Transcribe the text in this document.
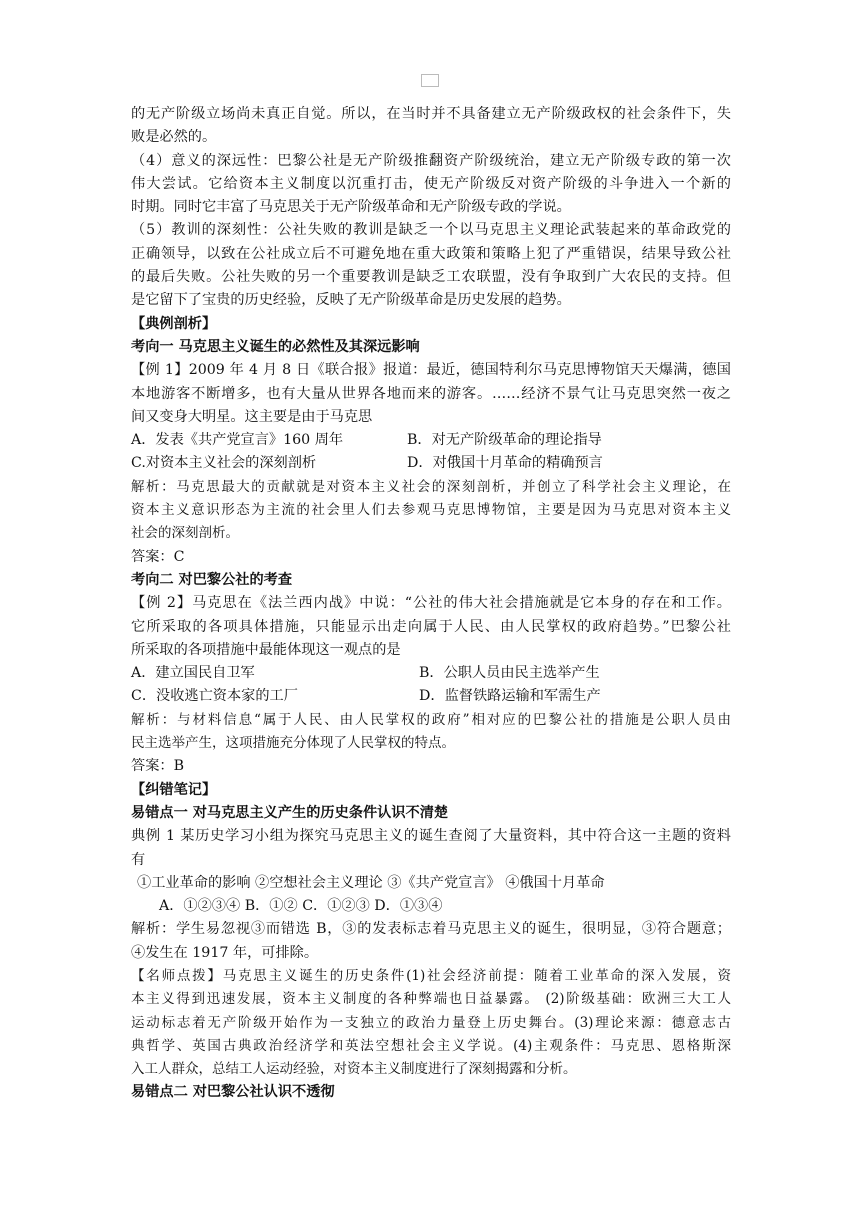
的无产阶级立场尚未真正自觉。所以，在当时并不具备建立无产阶级政权的社会条件下，失
败是必然的。
（4）意义的深远性：巴黎公社是无产阶级推翻资产阶级统治，建立无产阶级专政的第一次
伟大尝试。它给资本主义制度以沉重打击，使无产阶级反对资产阶级的斗争进入一个新的
时期。同时它丰富了马克思关于无产阶级革命和无产阶级专政的学说。
（5）教训的深刻性：公社失败的教训是缺乏一个以马克思主义理论武装起来的革命政党的
正确领导，以致在公社成立后不可避免地在重大政策和策略上犯了严重错误，结果导致公社
的最后失败。公社失败的另一个重要教训是缺乏工农联盟，没有争取到广大农民的支持。但
是它留下了宝贵的历史经验，反映了无产阶级革命是历史发展的趋势。
【典例剖析】
考向一 马克思主义诞生的必然性及其深远影响
【例 1】2009 年 4 月 8 日《联合报》报道：最近，德国特利尔马克思博物馆天天爆满，德国
本地游客不断增多，也有大量从世界各地而来的游客。……经济不景气让马克思突然一夜之
间又变身大明星。这主要是由于马克思
A．发表《共产党宣言》160 周年	B．对无产阶级革命的理论指导
C.对资本主义社会的深刻剖析	D．对俄国十月革命的精确预言
解析：马克思最大的贡献就是对资本主义社会的深刻剖析，并创立了科学社会主义理论，在
资本主义意识形态为主流的社会里人们去参观马克思博物馆，主要是因为马克思对资本主义
社会的深刻剖析。
答案：C
考向二 对巴黎公社的考查
【例 2】马克思在《法兰西内战》中说：“公社的伟大社会措施就是它本身的存在和工作。
它所采取的各项具体措施，只能显示出走向属于人民、由人民掌权的政府趋势。”巴黎公社
所采取的各项措施中最能体现这一观点的是
A．建立国民自卫军	B．公职人员由民主选举产生
C．没收逃亡资本家的工厂	D．监督铁路运输和军需生产
解析：与材料信息“属于人民、由人民掌权的政府”相对应的巴黎公社的措施是公职人员由
民主选举产生，这项措施充分体现了人民掌权的特点。
答案：B
【纠错笔记】
易错点一 对马克思主义产生的历史条件认识不清楚
典例 1 某历史学习小组为探究马克思主义的诞生查阅了大量资料，其中符合这一主题的资料
有
①工业革命的影响 ②空想社会主义理论 ③《共产党宣言》 ④俄国十月革命
A．①②③④ B．①② C．①②③ D．①③④
解析：学生易忽视③而错选 B，③的发表标志着马克思主义的诞生，很明显，③符合题意；
④发生在 1917 年，可排除。
【名师点拨】马克思主义诞生的历史条件(1)社会经济前提：随着工业革命的深入发展，资
本主义得到迅速发展，资本主义制度的各种弊端也日益暴露。 (2)阶级基础：欧洲三大工人
运动标志着无产阶级开始作为一支独立的政治力量登上历史舞台。(3)理论来源：德意志古
典哲学、英国古典政治经济学和英法空想社会主义学说。(4)主观条件：马克思、恩格斯深
入工人群众，总结工人运动经验，对资本主义制度进行了深刻揭露和分析。
易错点二 对巴黎公社认识不透彻
